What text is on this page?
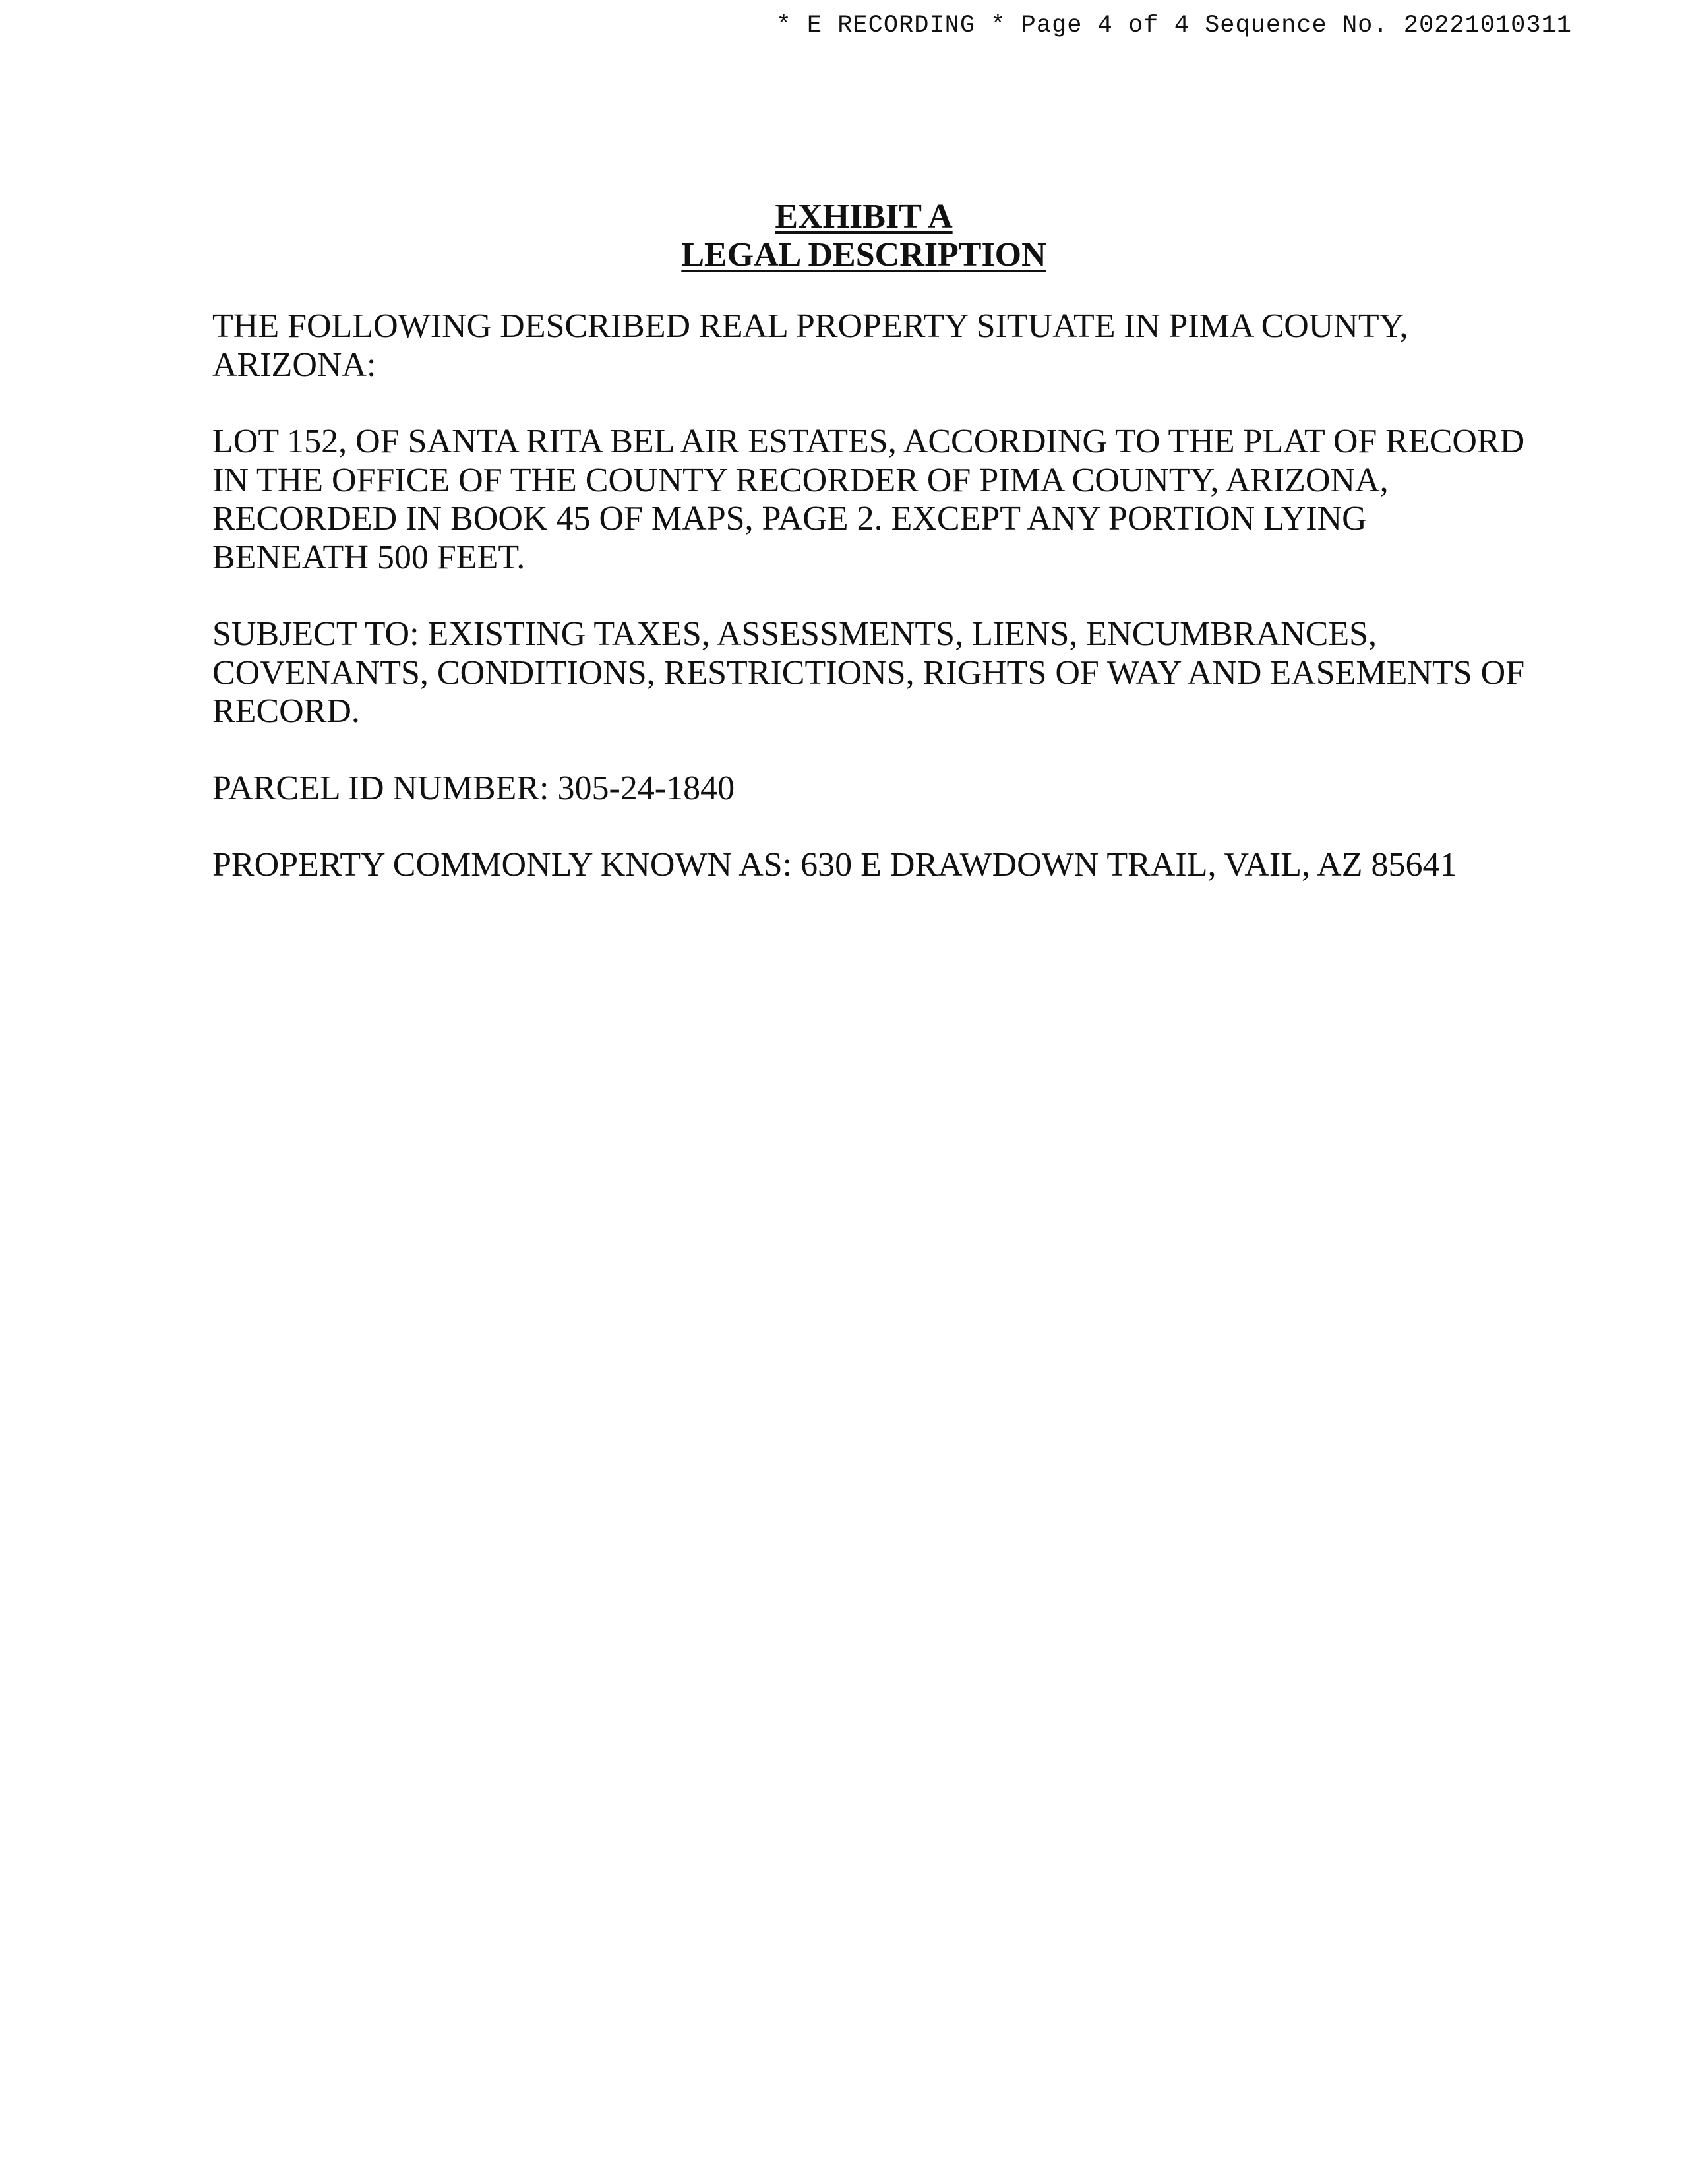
* E RECORDING * Page 4 of 4 Sequence No. 20221010311
EXHIBIT A
LEGAL DESCRIPTION

THE FOLLOWING DESCRIBED REAL PROPERTY SITUATE IN PIMA COUNTY, ARIZONA:

LOT 152, OF SANTA RITA BEL AIR ESTATES, ACCORDING TO THE PLAT OF RECORD IN THE OFFICE OF THE COUNTY RECORDER OF PIMA COUNTY, ARIZONA, RECORDED IN BOOK 45 OF MAPS, PAGE 2. EXCEPT ANY PORTION LYING BENEATH 500 FEET.

SUBJECT TO: EXISTING TAXES, ASSESSMENTS, LIENS, ENCUMBRANCES, COVENANTS, CONDITIONS, RESTRICTIONS, RIGHTS OF WAY AND EASEMENTS OF RECORD.

PARCEL ID NUMBER: 305-24-1840

PROPERTY COMMONLY KNOWN AS: 630 E DRAWDOWN TRAIL, VAIL, AZ 85641
